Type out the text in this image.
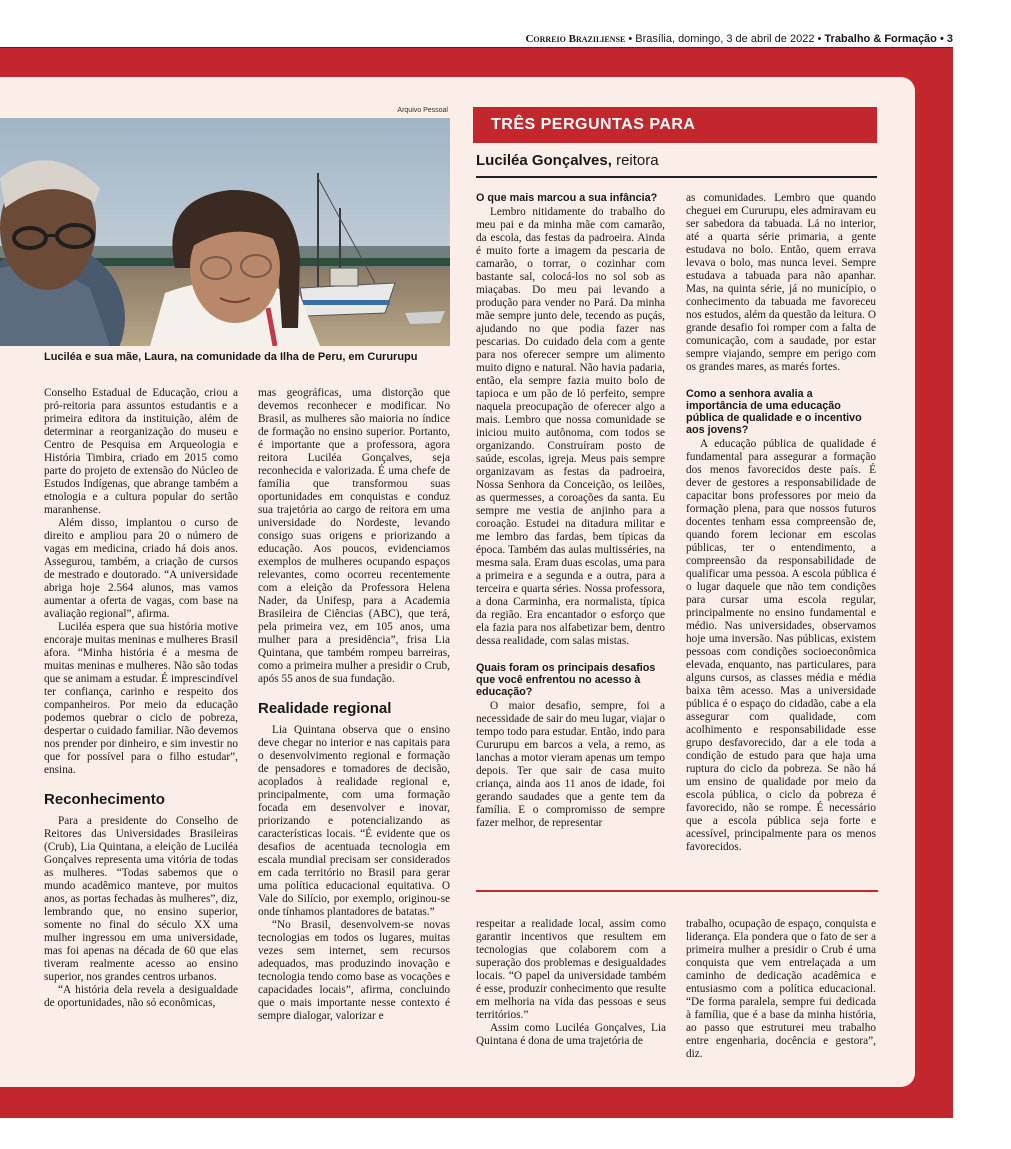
Correio Braziliense • Brasília, domingo, 3 de abril de 2022 • Trabalho & Formação • 3
Arquivo Pessoal
Luciléa e sua mãe, Laura, na comunidade da Ilha de Peru, em Cururupu

Conselho Estadual de Educação, criou a pró-reitoria para assuntos estudantis e a primeira editora da instituição, além de determinar a reorganização do museu e Centro de Pesquisa em Arqueologia e História Timbira, criado em 2015 como parte do projeto de extensão do Núcleo de Estudos Indígenas, que abrange também a etnologia e a cultura popular do sertão maranhense.

Além disso, implantou o curso de direito e ampliou para 20 o número de vagas em medicina, criado há dois anos. Assegurou, também, a criação de cursos de mestrado e doutorado. “A universidade abriga hoje 2.564 alunos, mas vamos aumentar a oferta de vagas, com base na avaliação regional”, afirma.

Luciléa espera que sua história motive encoraje muitas meninas e mulheres Brasil afora. “Minha história é a mesma de muitas meninas e mulheres. Não são todas que se animam a estudar. É imprescindível ter confiança, carinho e respeito dos companheiros. Por meio da educação podemos quebrar o ciclo de pobreza, despertar o cuidado familiar. Não devemos nos prender por dinheiro, e sim investir no que for possível para o filho estudar”, ensina.

Reconhecimento

Para a presidente do Conselho de Reitores das Universidades Brasileiras (Crub), Lia Quintana, a eleição de Luciléa Gonçalves representa uma vitória de todas as mulheres. “Todas sabemos que o mundo acadêmico manteve, por muitos anos, as portas fechadas às mulheres”, diz, lembrando que, no ensino superior, somente no final do século XX uma mulher ingressou em uma universidade, mas foi apenas na década de 60 que elas tiveram realmente acesso ao ensino superior, nos grandes centros urbanos.

“A história dela revela a desigualdade de oportunidades, não só econômicas,

mas geográficas, uma distorção que devemos reconhecer e modificar. No Brasil, as mulheres são maioria no índice de formação no ensino superior. Portanto, é importante que a professora, agora reitora Luciléa Gonçalves, seja reconhecida e valorizada. É uma chefe de família que transformou suas oportunidades em conquistas e conduz sua trajetória ao cargo de reitora em uma universidade do Nordeste, levando consigo suas origens e priorizando a educação. Aos poucos, evidenciamos exemplos de mulheres ocupando espaços relevantes, como ocorreu recentemente com a eleição da Professora Helena Nader, da Unifesp, para a Academia Brasileira de Ciências (ABC), que terá, pela primeira vez, em 105 anos, uma mulher para a presidência”, frisa Lia Quintana, que também rompeu barreiras, como a primeira mulher a presidir o Crub, após 55 anos de sua fundação.

Realidade regional

Lia Quintana observa que o ensino deve chegar no interior e nas capitais para o desenvolvimento regional e formação de pensadores e tomadores de decisão, acoplados à realidade regional e, principalmente, com uma formação focada em desenvolver e inovar, priorizando e potencializando as características locais. “É evidente que os desafios de acentuada tecnologia em escala mundial precisam ser considerados em cada território no Brasil para gerar uma política educacional equitativa. O Vale do Silício, por exemplo, originou-se onde tínhamos plantadores de batatas.”

“No Brasil, desenvolvem-se novas tecnologias em todos os lugares, muitas vezes sem internet, sem recursos adequados, mas produzindo inovação e tecnologia tendo como base as vocações e capacidades locais”, afirma, concluindo que o mais importante nesse contexto é sempre dialogar, valorizar e

TRÊS PERGUNTAS PARA
Luciléa Gonçalves, reitora
O que mais marcou a sua infância?

Lembro nitidamente do trabalho do meu pai e da minha mãe com camarão, da escola, das festas da padroeira. Ainda é muito forte a imagem da pescaria de camarão, o torrar, o cozinhar com bastante sal, colocá-los no sol sob as miaçabas. Do meu pai levando a produção para vender no Pará. Da minha mãe sempre junto dele, tecendo as puçás, ajudando no que podia fazer nas pescarias. Do cuidado dela com a gente para nos oferecer sempre um alimento muito digno e natural. Não havia padaria, então, ela sempre fazia muito bolo de tapioca e um pão de ló perfeito, sempre naquela preocupação de oferecer algo a mais. Lembro que nossa comunidade se iniciou muito autônoma, com todos se organizando. Construíram posto de saúde, escolas, igreja. Meus pais sempre organizavam as festas da padroeira, Nossa Senhora da Conceição, os leilões, as quermesses, a coroações da santa. Eu sempre me vestia de anjinho para a coroação. Estudei na ditadura militar e me lembro das fardas, bem típicas da época. Também das aulas multisséries, na mesma sala. Eram duas escolas, uma para a primeira e a segunda e a outra, para a terceira e quarta séries. Nossa professora, a dona Carminha, era normalista, típica da região. Era encantador o esforço que ela fazia para nos alfabetizar bem, dentro dessa realidade, com salas mistas.

Quais foram os principais desafios que você enfrentou no acesso à educação?

O maior desafio, sempre, foi a necessidade de sair do meu lugar, viajar o tempo todo para estudar. Então, indo para Cururupu em barcos a vela, a remo, as lanchas a motor vieram apenas um tempo depois. Ter que sair de casa muito criança, ainda aos 11 anos de idade, foi gerando saudades que a gente tem da família. E o compromisso de sempre fazer melhor, de representar

as comunidades. Lembro que quando cheguei em Cururupu, eles admiravam eu ser sabedora da tabuada. Lá no interior, até a quarta série primaria, a gente estudava no bolo. Então, quem errava levava o bolo, mas nunca levei. Sempre estudava a tabuada para não apanhar. Mas, na quinta série, já no município, o conhecimento da tabuada me favoreceu nos estudos, além da questão da leitura. O grande desafio foi romper com a falta de comunicação, com a saudade, por estar sempre viajando, sempre em perigo com os grandes mares, as marés fortes.

Como a senhora avalia a importância de uma educação pública de qualidade e o incentivo aos jovens?

A educação pública de qualidade é fundamental para assegurar a formação dos menos favorecidos deste país. É dever de gestores a responsabilidade de capacitar bons professores por meio da formação plena, para que nossos futuros docentes tenham essa compreensão de, quando forem lecionar em escolas públicas, ter o entendimento, a compreensão da responsabilidade de qualificar uma pessoa. A escola pública é o lugar daquele que não tem condições para cursar uma escola regular, principalmente no ensino fundamental e médio. Nas universidades, observamos hoje uma inversão. Nas públicas, existem pessoas com condições socioeconômica elevada, enquanto, nas particulares, para alguns cursos, as classes média e média baixa têm acesso. Mas a universidade pública é o espaço do cidadão, cabe a ela assegurar com qualidade, com acolhimento e responsabilidade esse grupo desfavorecido, dar a ele toda a condição de estudo para que haja uma ruptura do ciclo da pobreza. Se não há um ensino de qualidade por meio da escola pública, o ciclo da pobreza é favorecido, não se rompe. É necessário que a escola pública seja forte e acessível, principalmente para os menos favorecidos.

respeitar a realidade local, assim como garantir incentivos que resultem em tecnologias que colaborem com a superação dos problemas e desigualdades locais. “O papel da universidade também é esse, produzir conhecimento que resulte em melhoria na vida das pessoas e seus territórios.”

Assim como Luciléa Gonçalves, Lia Quintana é dona de uma trajetória de

trabalho, ocupação de espaço, conquista e liderança. Ela pondera que o fato de ser a primeira mulher a presidir o Crub é uma conquista que vem entrelaçada a um caminho de dedicação acadêmica e entusiasmo com a política educacional. “De forma paralela, sempre fui dedicada à família, que é a base da minha história, ao passo que estruturei meu trabalho entre engenharia, docência e gestora”, diz.
